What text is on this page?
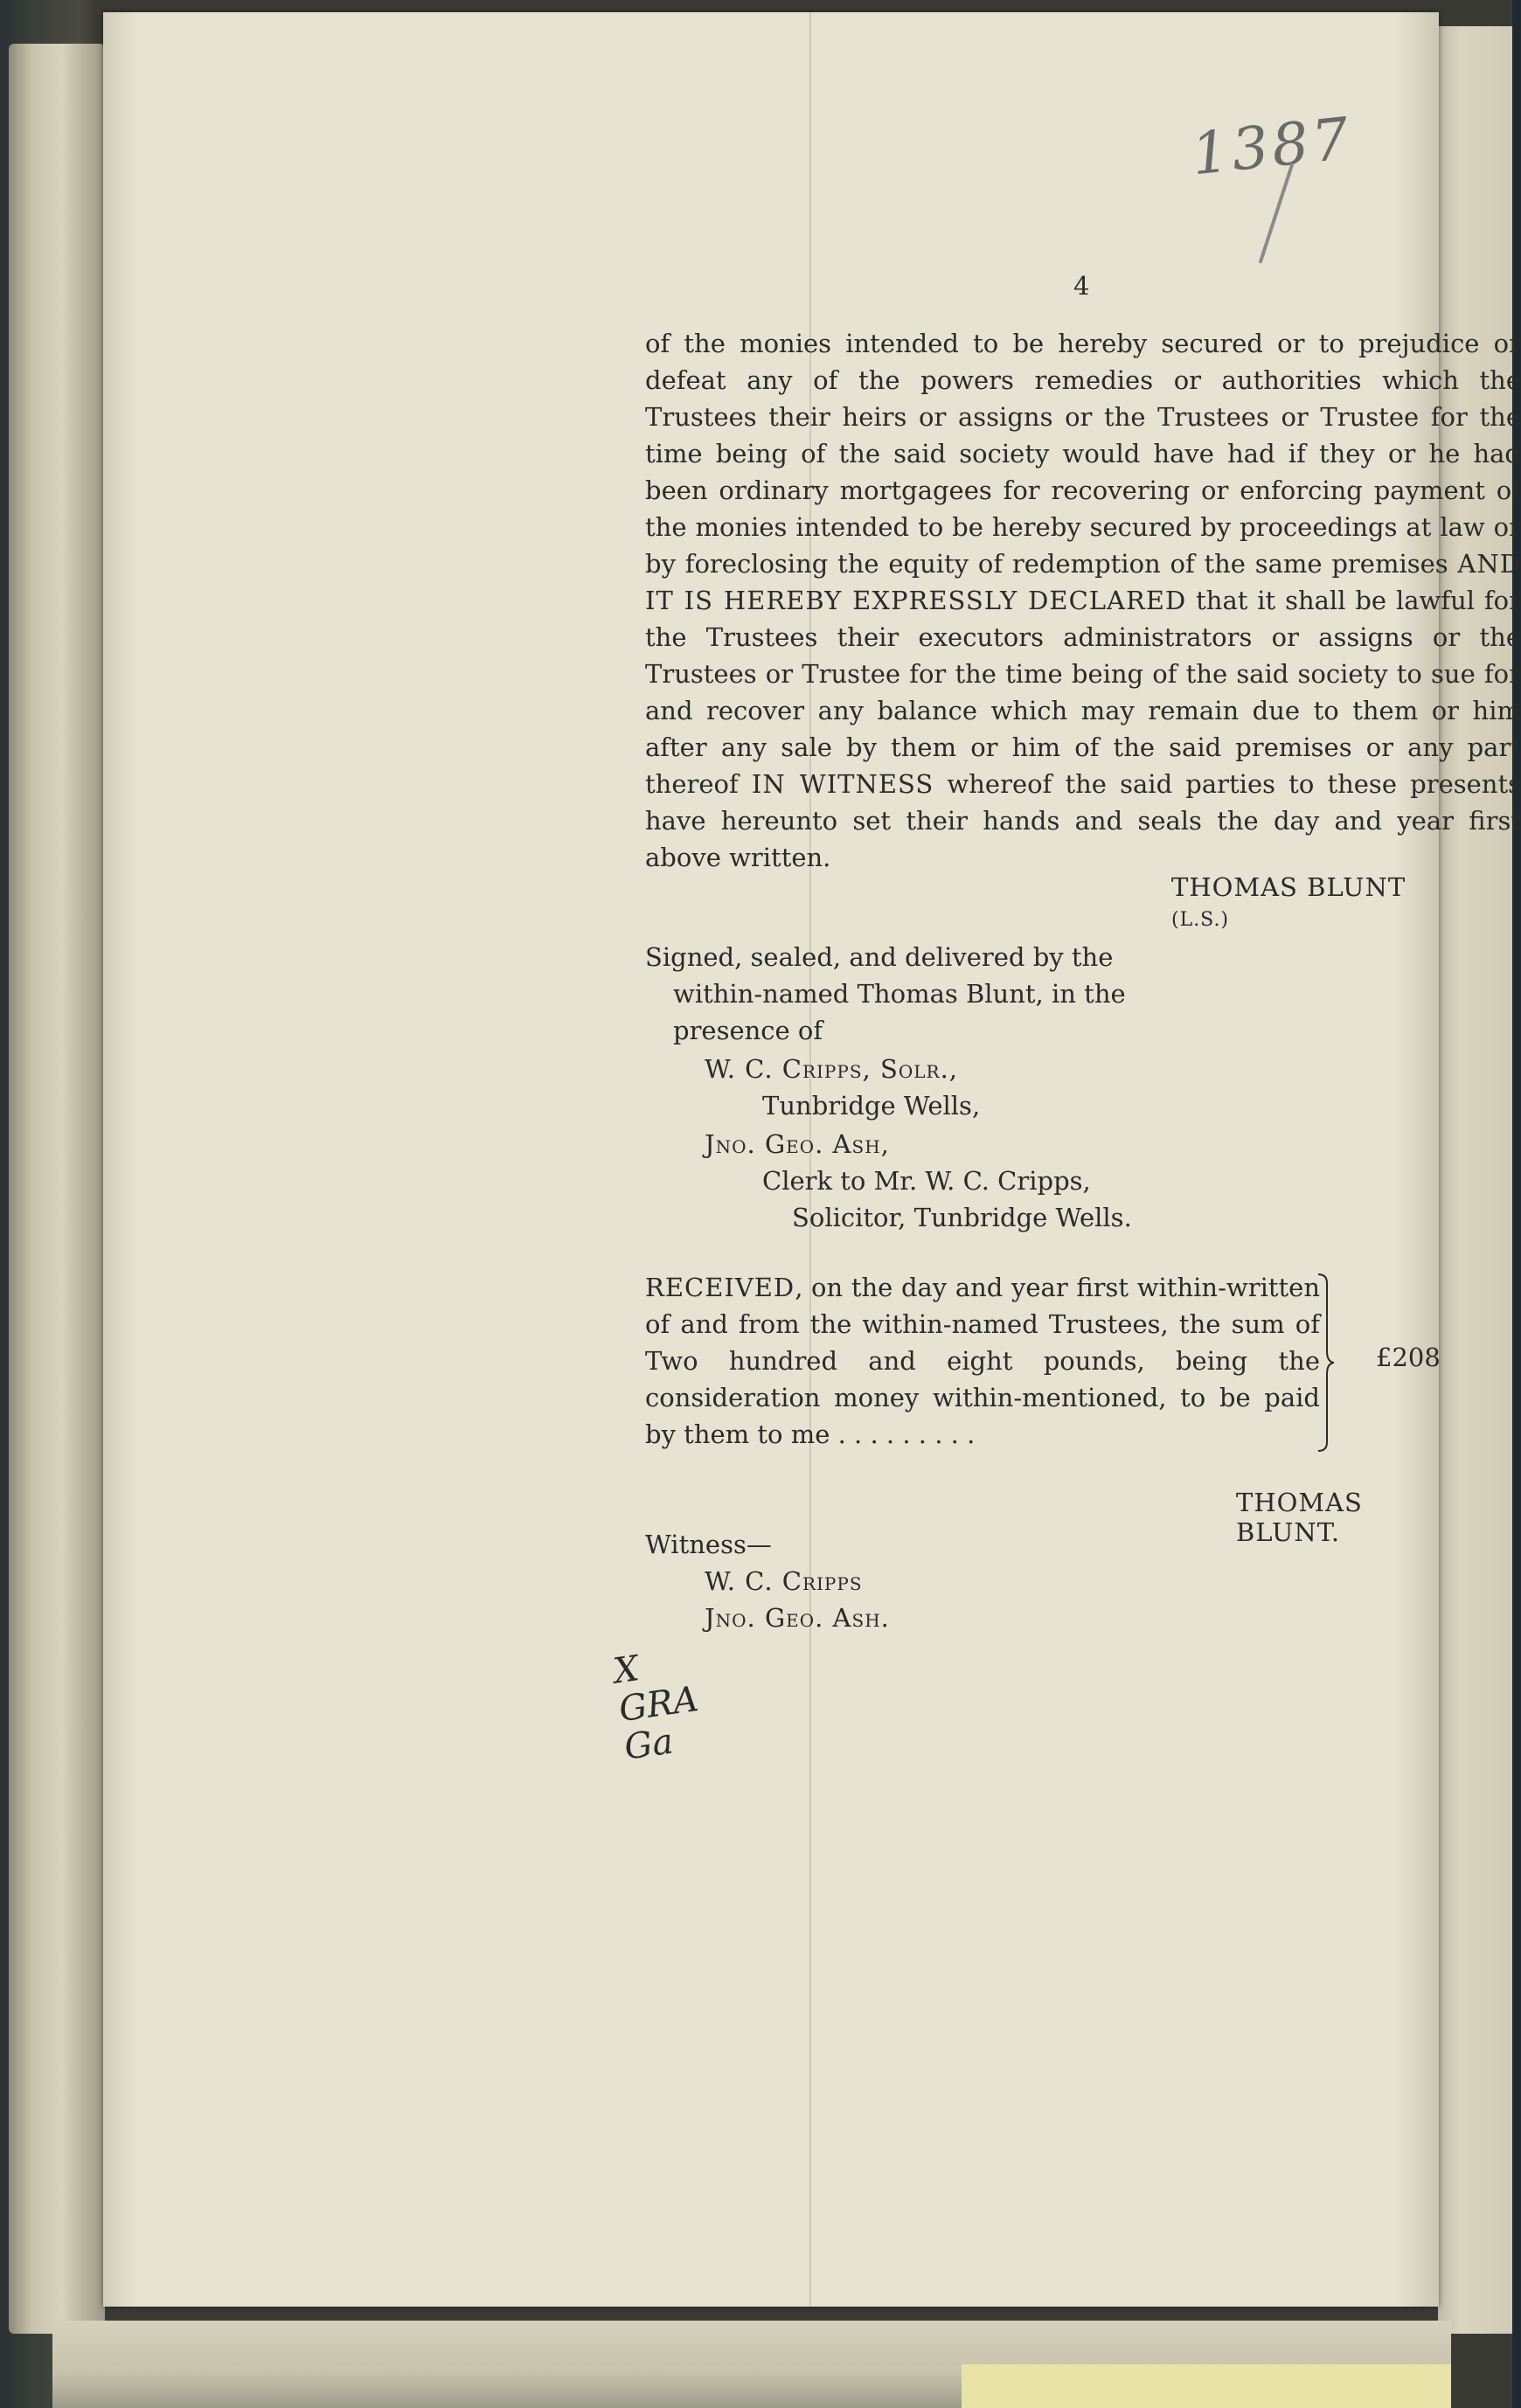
1387
4
of the monies intended to be hereby secured or to prejudice or defeat any of the powers remedies or authorities which the Trustees their heirs or assigns or the Trustees or Trustee for the time being of the said society would have had if they or he had been ordinary mortgagees for recovering or enforcing payment of the monies intended to be hereby secured by proceedings at law or by foreclosing the equity of redemption of the same premises AND IT IS HEREBY EXPRESSLY DECLARED that it shall be lawful for the Trustees their executors administrators or assigns or the Trustees or Trustee for the time being of the said society to sue for and recover any balance which may remain due to them or him after any sale by them or him of the said premises or any part thereof IN WITNESS whereof the said parties to these presents have hereunto set their hands and seals the day and year first above written.
THOMAS BLUNT (L.S.)
Signed, sealed, and delivered by the
within-named Thomas Blunt, in the
presence of
W. C. Cripps, Solr.,
Tunbridge Wells,
Jno. Geo. Ash,
Clerk to Mr. W. C. Cripps,
Solicitor, Tunbridge Wells.
RECEIVED, on the day and year first within-written of and from the within-named Trustees, the sum of Two hundred and eight pounds, being the consideration money within-mentioned, to be paid by them to me . . . . . . . . .
£208
THOMAS BLUNT.
Witness—
W. C. Cripps
Jno. Geo. Ash.
X
GRA
Ga
